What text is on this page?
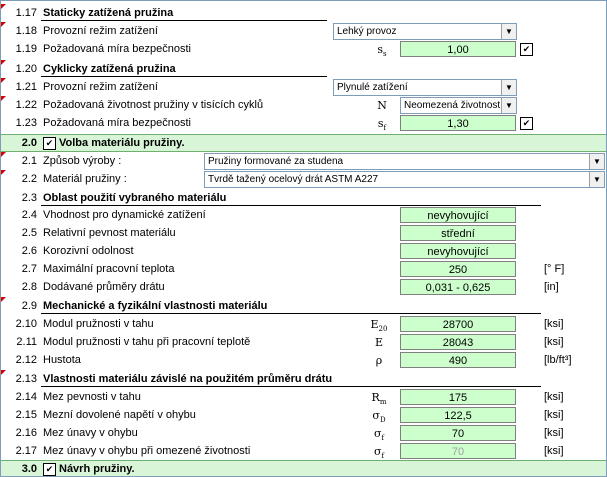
1.17 Staticky zatížená pružina
1.18 Provozní režim zatížení	Lehký provoz	▼
1.19 Požadovaná míra bezpečnosti	$s_s$	1,00	✔
1.20 Cyklicky zatížená pružina
1.21 Provozní režim zatížení	Plynulé zatížení	▼
1.22 Požadovaná životnost pružiny v tisících cyklů	N	Neomezená životnost ▼
1.23 Požadovaná míra bezpečnosti	$s_f$	1,30	✔
2.0 ✔ Volba materiálu pružiny.
2.1 Způsob výroby :	Pružiny formované za studena	▼
2.2 Materiál pružiny :	Tvrdě tažený ocelový drát ASTM A227	▼
2.3 Oblast použití vybraného materiálu
2.4 Vhodnost pro dynamické zatížení	nevyhovující
2.5 Relativní pevnost materiálu	střední
2.6 Korozivní odolnost	nevyhovující
2.7 Maximální pracovní teplota	250	[° F]
2.8 Dodávané průměry drátu	0,031 - 0,625	[in]
2.9 Mechanické a fyzikální vlastnosti materiálu
2.10 Modul pružnosti v tahu	$E_{20}$	28700	[ksi]
2.11 Modul pružnosti v tahu při pracovní teplotě	E	28043	[ksi]
2.12 Hustota	ρ	490	[lb/ft³]
2.13 Vlastnosti materiálu závislé na použitém průměru drátu
2.14 Mez pevnosti v tahu	$R_m$	175	[ksi]
2.15 Mezní dovolené napětí v ohybu	$\sigma_D$	122,5	[ksi]
2.16 Mez únavy v ohybu	$\sigma_f$	70	[ksi]
2.17 Mez únavy v ohybu při omezené životnosti	$\sigma_f$	70	[ksi]
3.0 ✔ Návrh pružiny.
